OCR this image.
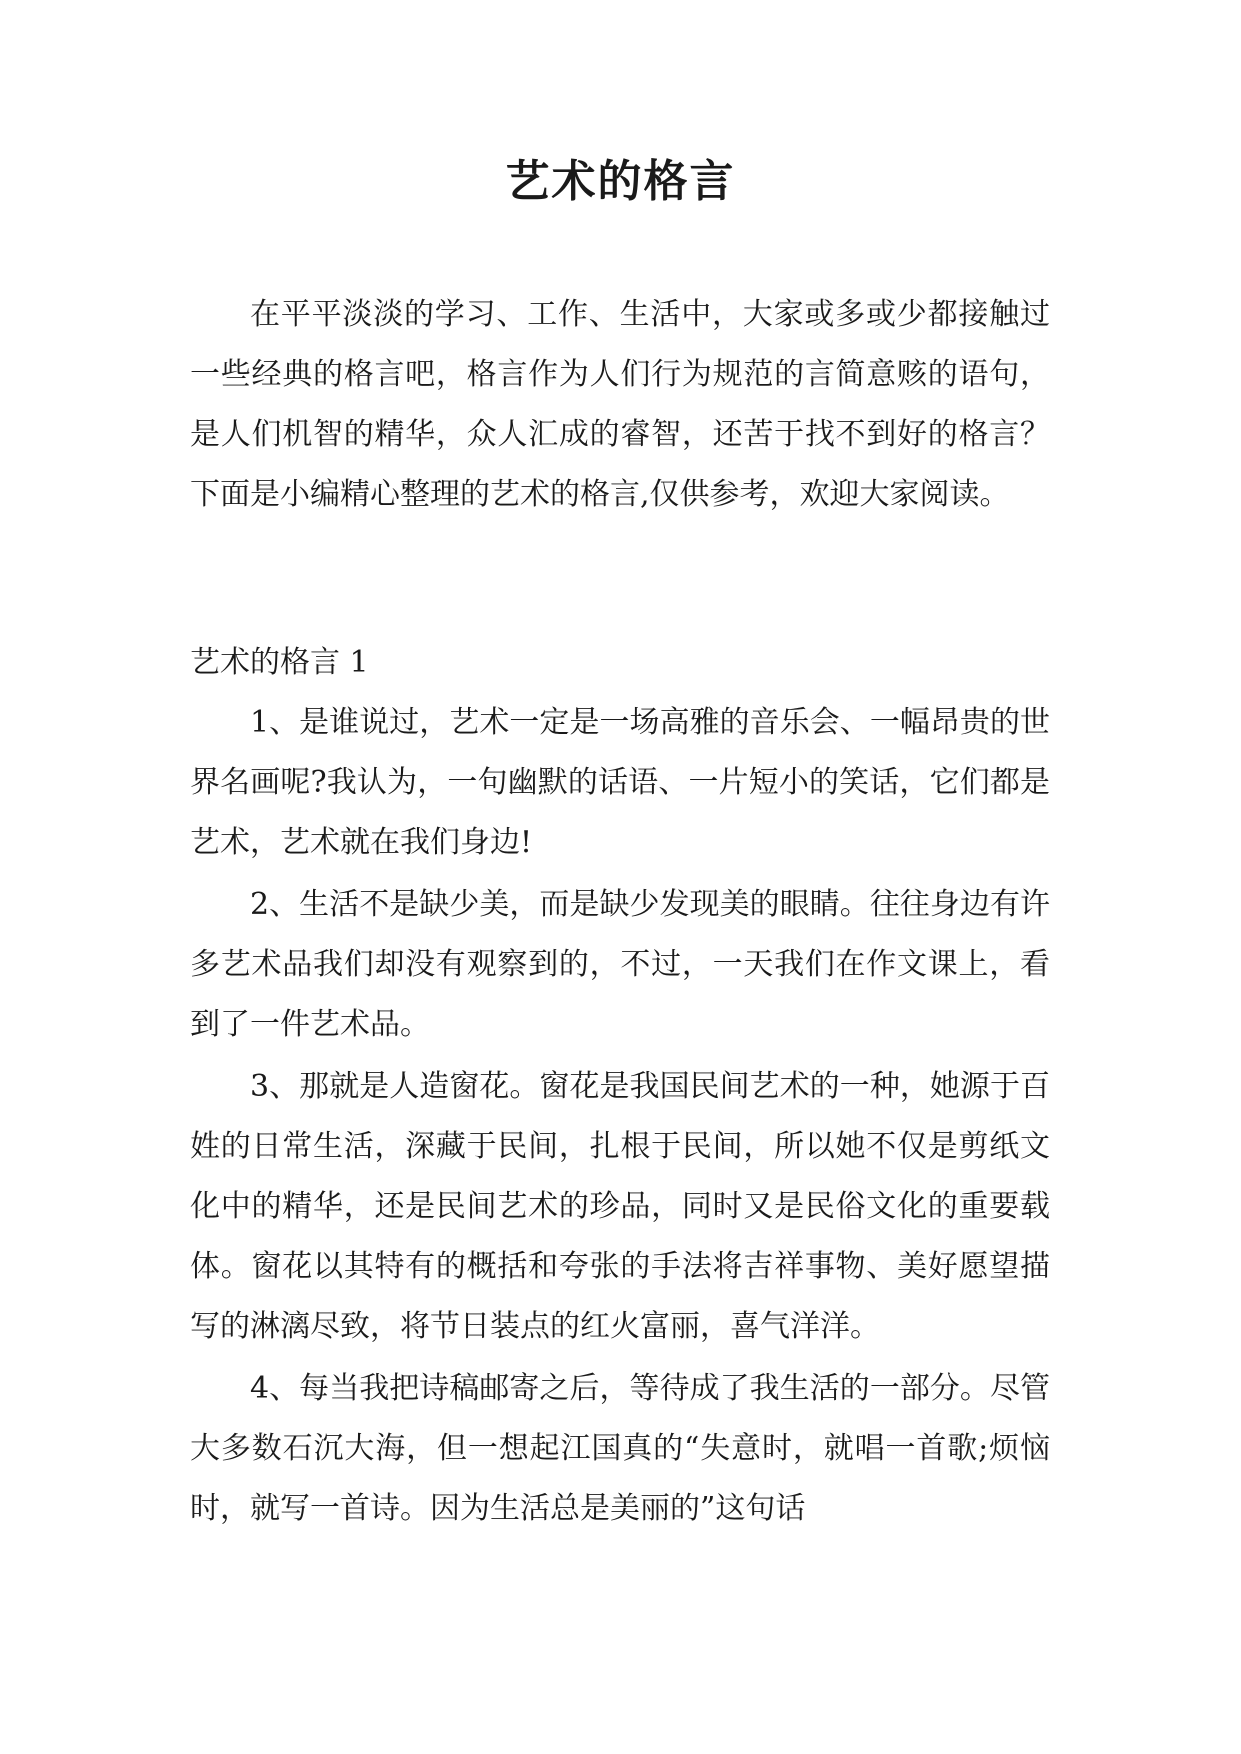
艺术的格言

在平平淡淡的学习、工作、生活中，大家或多或少都接触过一些经典的格言吧，格言作为人们行为规范的言简意赅的语句，是人们机智的精华，众人汇成的睿智，还苦于找不到好的格言？下面是小编精心整理的艺术的格言,仅供参考，欢迎大家阅读。

艺术的格言 1

1、是谁说过，艺术一定是一场高雅的音乐会、一幅昂贵的世界名画呢?我认为，一句幽默的话语、一片短小的笑话，它们都是艺术，艺术就在我们身边!

2、生活不是缺少美，而是缺少发现美的眼睛。往往身边有许多艺术品我们却没有观察到的，不过，一天我们在作文课上，看到了一件艺术品。

3、那就是人造窗花。窗花是我国民间艺术的一种，她源于百姓的日常生活，深藏于民间，扎根于民间，所以她不仅是剪纸文化中的精华，还是民间艺术的珍品，同时又是民俗文化的重要载体。窗花以其特有的概括和夸张的手法将吉祥事物、美好愿望描写的淋漓尽致，将节日装点的红火富丽，喜气洋洋。

4、每当我把诗稿邮寄之后，等待成了我生活的一部分。尽管大多数石沉大海，但一想起江国真的“失意时，就唱一首歌;烦恼时，就写一首诗。因为生活总是美丽的”这句话
